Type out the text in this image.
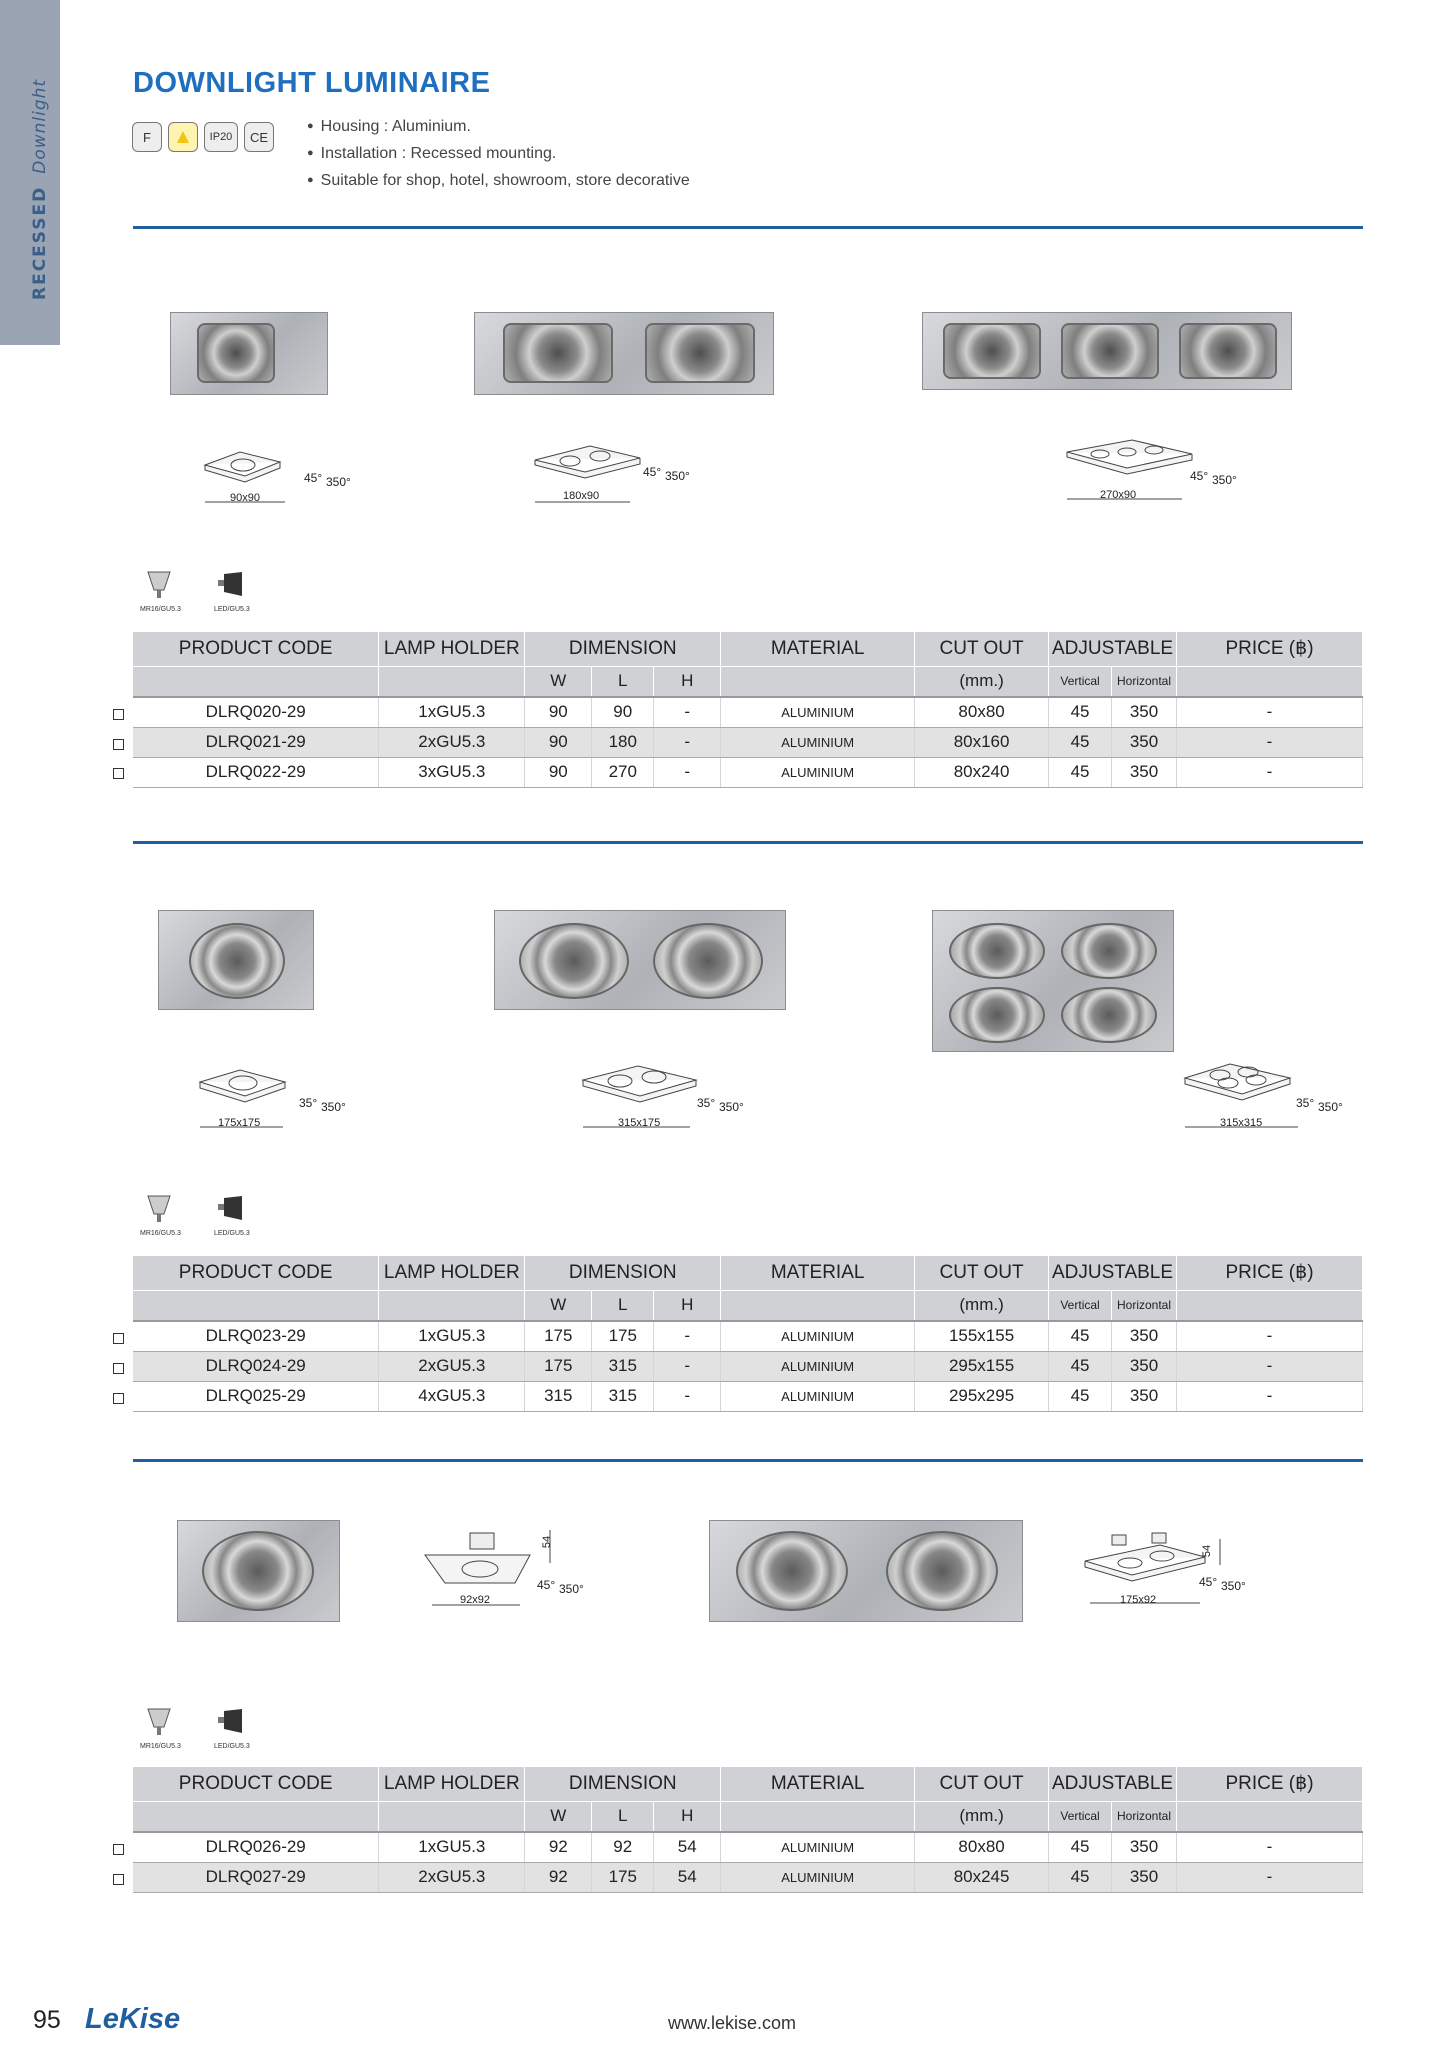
RECESSEDDownlight	DOWNLIGHT LUMINAIRE
F	IP20	CE
● Housing : Aluminium.
● Installation : Recessed mounting.
● Suitable for shop, hotel, showroom, store decorative
90x90
45° 350°
180x90
45° 350°
270x90
45° 350°
MR16/GU5.3	LED/GU5.3
PRODUCT CODE	LAMP HOLDER	DIMENSION			MATERIAL	CUT OUT	ADJUSTABLE		PRICE (฿)
		W	L	H		(mm.)	Vertical	Horizontal	
DLRQ020-29	1xGU5.3	90	90	-	ALUMINIUM	80x80	45	350	-
DLRQ021-29	2xGU5.3	90	180	-	ALUMINIUM	80x160	45	350	-
DLRQ022-29	3xGU5.3	90	270	-	ALUMINIUM	80x240	45	350	-
175x175
35° 350°
315x175
35° 350°
315x315
35° 350°
MR16/GU5.3	LED/GU5.3
PRODUCT CODE	LAMP HOLDER	DIMENSION			MATERIAL	CUT OUT	ADJUSTABLE		PRICE (฿)
		W	L	H		(mm.)	Vertical	Horizontal	
DLRQ023-29	1xGU5.3	175	175	-	ALUMINIUM	155x155	45	350	-
DLRQ024-29	2xGU5.3	175	315	-	ALUMINIUM	295x155	45	350	-
DLRQ025-29	4xGU5.3	315	315	-	ALUMINIUM	295x295	45	350	-
54
92x92
45° 350°
54
175x92
45° 350°
MR16/GU5.3	LED/GU5.3
PRODUCT CODE	LAMP HOLDER	DIMENSION			MATERIAL	CUT OUT	ADJUSTABLE		PRICE (฿)
		W	L	H		(mm.)	Vertical	Horizontal	
DLRQ026-29	1xGU5.3	92	92	54	ALUMINIUM	80x80	45	350	-
DLRQ027-29	2xGU5.3	92	175	54	ALUMINIUM	80x245	45	350	-
95 LeKise	www.lekise.com
